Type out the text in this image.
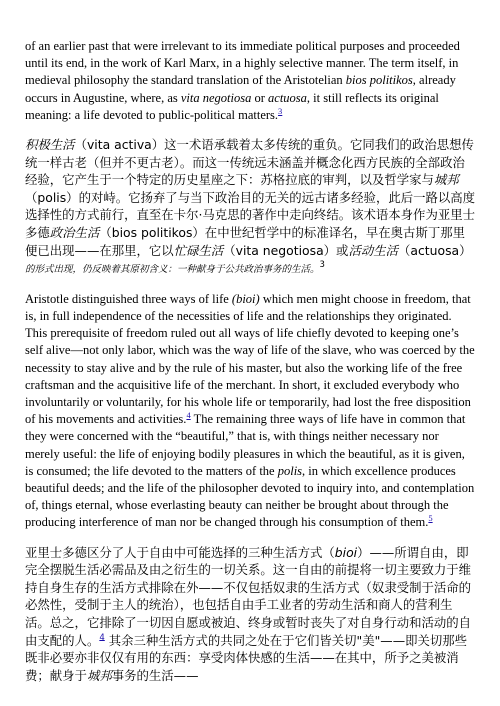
of an earlier past that were irrelevant to its immediate political purposes and proceeded until its end, in the work of Karl Marx, in a highly selective manner. The term itself, in medieval philosophy the standard translation of the Aristotelian bios politikos, already occurs in Augustine, where, as vita negotiosa or actuosa, it still reflects its original meaning: a life devoted to public-political matters.$^3$

积极生活（vita activa）这一术语承载着太多传统的重负。它同我们的政治思想传统一样古老（但并不更古老）。而这一传统远未涵盖并概念化西方民族的全部政治经验，它产生于一个特定的历史星座之下：苏格拉底的审判，以及哲学家与城邦（polis）的对峙。它扬弃了与当下政治目的无关的远古诸多经验，此后一路以高度选择性的方式前行，直至在卡尔·马克思的著作中走向终结。该术语本身作为亚里士多德政治生活（bios politikos）在中世纪哲学中的标准译名，早在奥古斯丁那里便已出现——在那里，它以忙碌生活（vita negotiosa）或活动生活（actuosa）的形式出现，仍反映着其原初含义：一种献身于公共政治事务的生活。$^3$

Aristotle distinguished three ways of life (bioi) which men might choose in freedom, that is, in full independence of the necessities of life and the relationships they originated. This prerequisite of freedom ruled out all ways of life chiefly devoted to keeping one’s self alive—not only labor, which was the way of life of the slave, who was coerced by the necessity to stay alive and by the rule of his master, but also the working life of the free craftsman and the acquisitive life of the merchant. In short, it excluded everybody who involuntarily or voluntarily, for his whole life or temporarily, had lost the free disposition of his movements and activities.$^4$ The remaining three ways of life have in common that they were concerned with the “beautiful,” that is, with things neither necessary nor merely useful: the life of enjoying bodily pleasures in which the beautiful, as it is given, is consumed; the life devoted to the matters of the polis, in which excellence produces beautiful deeds; and the life of the philosopher devoted to inquiry into, and contemplation of, things eternal, whose everlasting beauty can neither be brought about through the producing interference of man nor be changed through his consumption of them.$^5$

亚里士多德区分了人于自由中可能选择的三种生活方式（bioi）——所谓自由，即完全摆脱生活必需品及由之衍生的一切关系。这一自由的前提将一切主要致力于维持自身生存的生活方式排除在外——不仅包括奴隶的生活方式（奴隶受制于活命的必然性，受制于主人的统治），也包括自由手工业者的劳动生活和商人的营利生活。总之，它排除了一切因自愿或被迫、终身或暂时丧失了对自身行动和活动的自由支配的人。$^4$ 其余三种生活方式的共同之处在于它们皆关切"美"——即关切那些既非必要亦非仅仅有用的东西：享受肉体快感的生活——在其中，所予之美被消费；献身于城邦事务的生活——
